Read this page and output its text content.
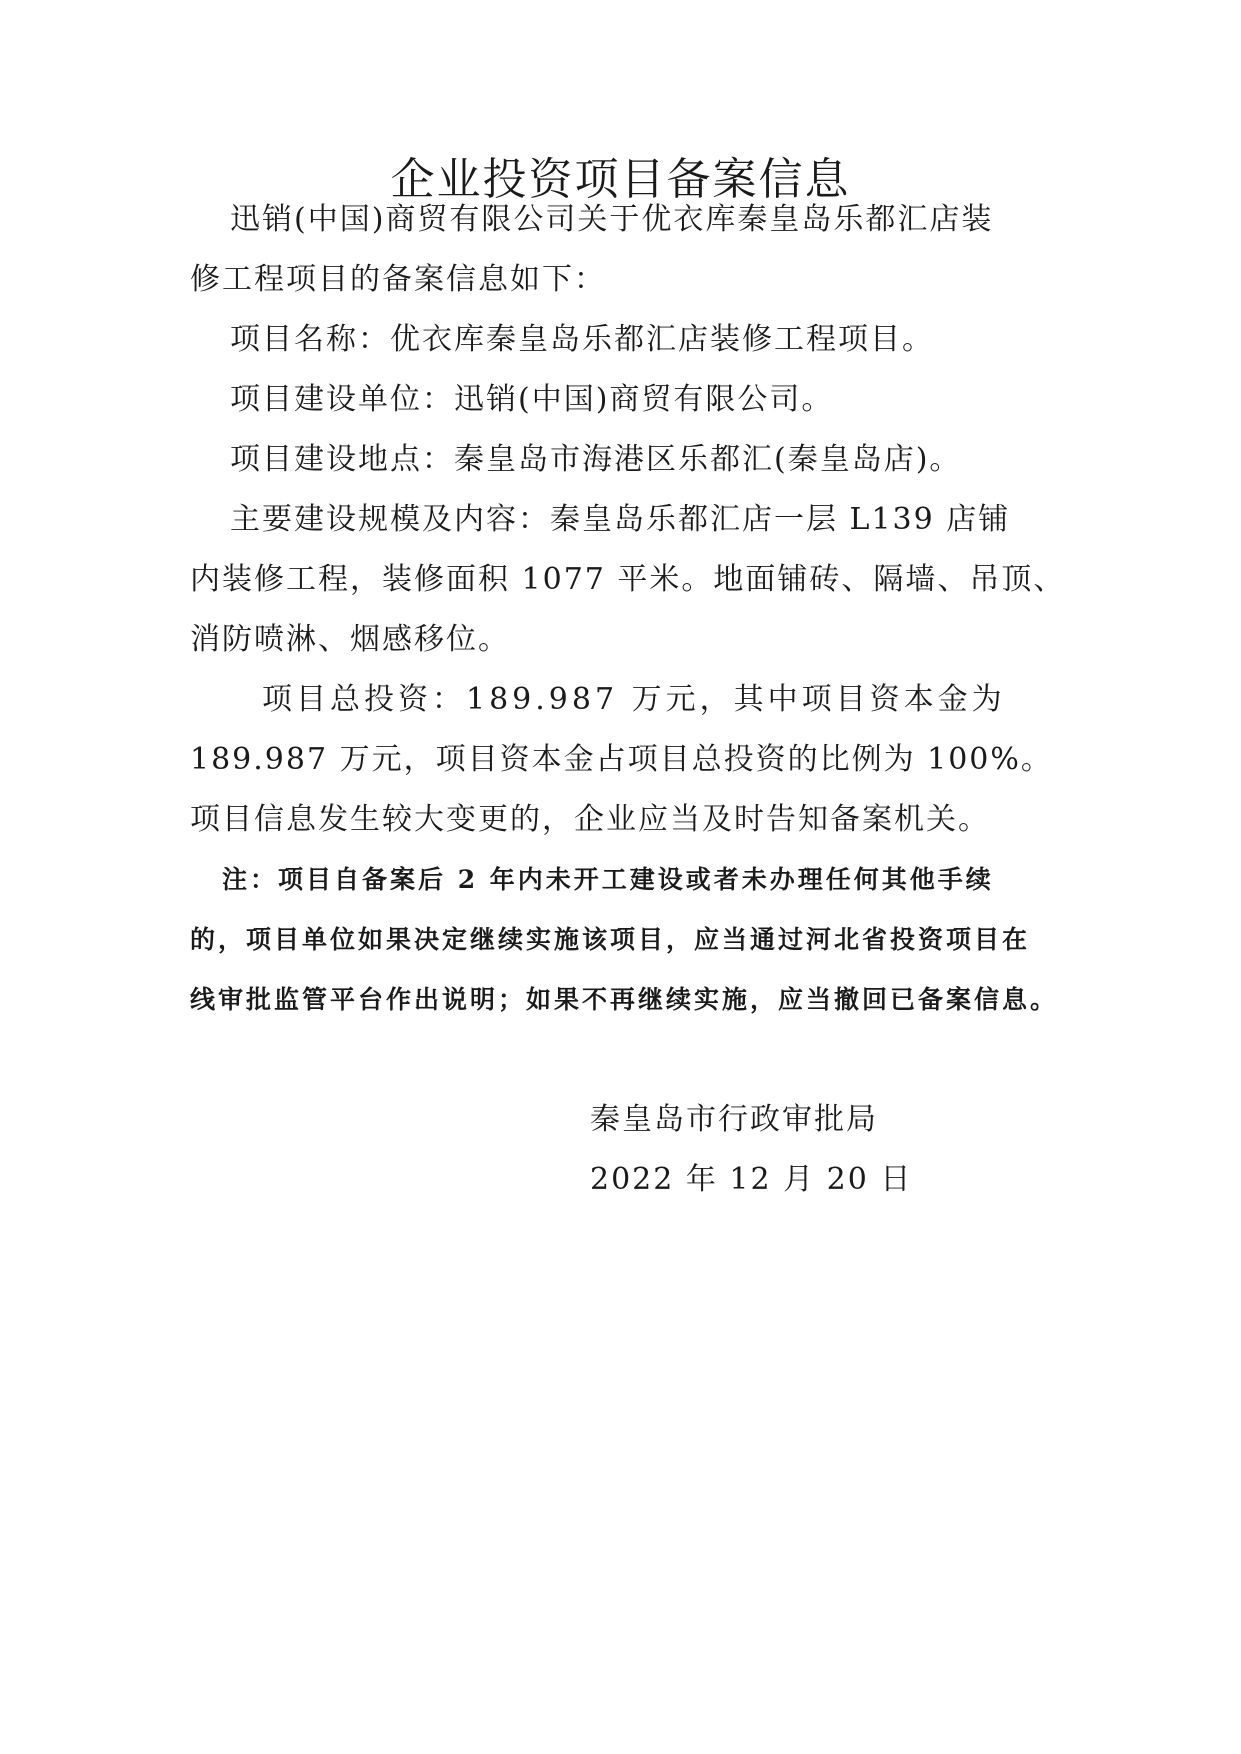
企业投资项目备案信息
迅销(中国)商贸有限公司关于优衣库秦皇岛乐都汇店装
修工程项目的备案信息如下：
项目名称：优衣库秦皇岛乐都汇店装修工程项目。
项目建设单位：迅销(中国)商贸有限公司。
项目建设地点：秦皇岛市海港区乐都汇(秦皇岛店)。
主要建设规模及内容：秦皇岛乐都汇店一层 L139 店铺
内装修工程，装修面积 1077 平米。地面铺砖、隔墙、吊顶、
消防喷淋、烟感移位。
项目总投资：189.987 万元，其中项目资本金为
189.987 万元，项目资本金占项目总投资的比例为 100%。
项目信息发生较大变更的，企业应当及时告知备案机关。
注：项目自备案后 2 年内未开工建设或者未办理任何其他手续
的，项目单位如果决定继续实施该项目，应当通过河北省投资项目在
线审批监管平台作出说明；如果不再继续实施，应当撤回已备案信息。
秦皇岛市行政审批局
2022 年 12 月 20 日
